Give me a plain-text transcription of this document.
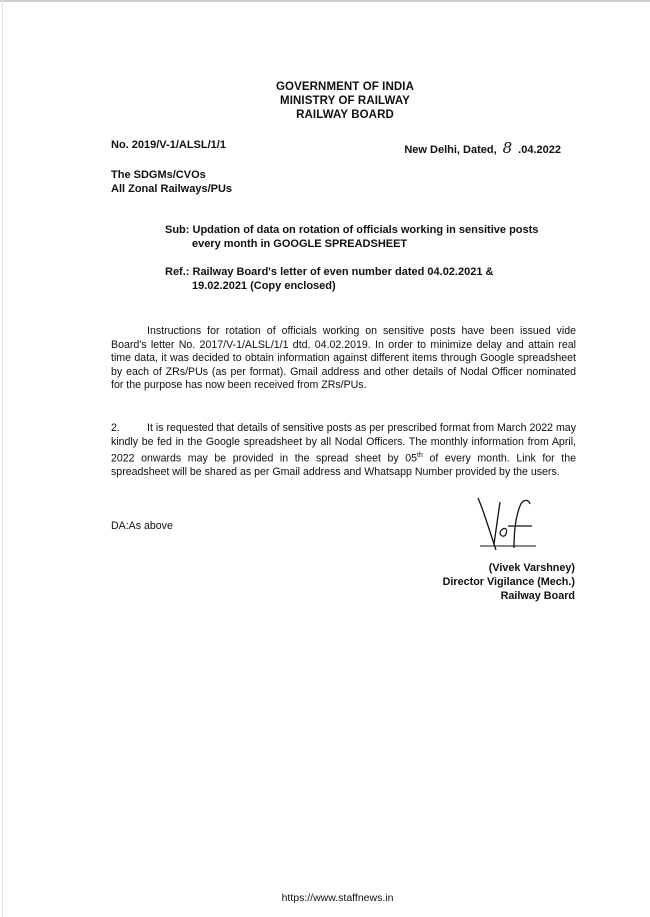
GOVERNMENT OF INDIA
MINISTRY OF RAILWAY
RAILWAY BOARD
No. 2019/V-1/ALSL/1/1	New Delhi, Dated, 8 .04.2022
The SDGMs/CVOs
All Zonal Railways/PUs
Sub: Updation of data on rotation of officials working in sensitive posts
every month in GOOGLE SPREADSHEET
Ref.: Railway Board's letter of even number dated 04.02.2021 &
19.02.2021 (Copy enclosed)
Instructions for rotation of officials working on sensitive posts have been issued vide Board's letter No. 2017/V-1/ALSL/1/1 dtd. 04.02.2019. In order to minimize delay and attain real time data, it was decided to obtain information against different items through Google spreadsheet by each of ZRs/PUs (as per format). Gmail address and other details of Nodal Officer nominated for the purpose has now been received from ZRs/PUs.
2.	It is requested that details of sensitive posts as per prescribed format from March 2022 may kindly be fed in the Google spreadsheet by all Nodal Officers. The monthly information from April, 2022 onwards may be provided in the spread sheet by 05th of every month. Link for the spreadsheet will be shared as per Gmail address and Whatsapp Number provided by the users.
DA:As above
(Vivek Varshney)
Director Vigilance (Mech.)
Railway Board
https://www.staffnews.in
